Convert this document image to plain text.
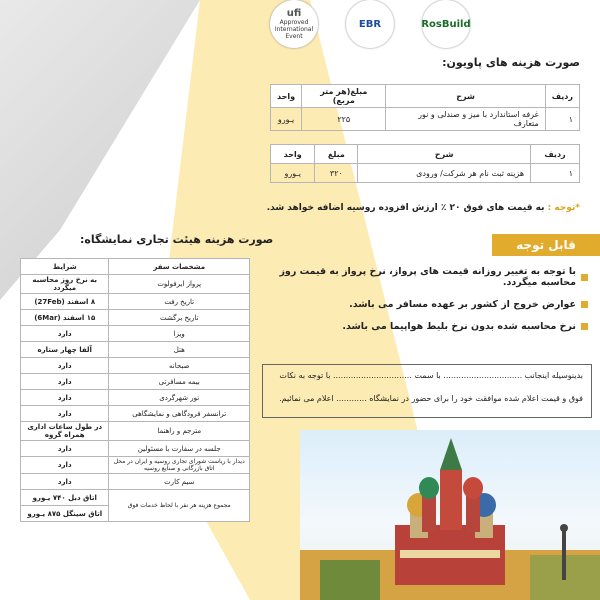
ufi
Approved
International
Event
EBR	RosBuild
صورت هزینه های پاویون:
ردیف	شرح	مبلغ(هر متر مربع)	واحد
۱	غرفه استاندارد با میز و صندلی و نور متعارف	۲۲۵	یـورو
ردیف	شرح	مبلغ	واحد
۱	هزینه ثبت نام هر شرکت/ ورودی	۳۲۰	یـورو
*توجه : به قیمت های فوق ۲۰ ٪ ارزش افزوده روسیه اضافه خواهد شد.
صورت هزینه هیئت تجاری نمایشگاه:
مشخصات سفر	شرایط
پرواز ایرفولوت	به نرخ روز محاسبه میگردد
تاریخ رفت	۸ اسفند (27Feb)
تاریخ برگشت	۱۵ اسفند (6Mar)
ویزا	دارد
هتل	آلفا چهار ستاره
صبحانه	دارد
بیمه مسافرتی	دارد
تور شهرگردی	دارد
ترانسفر فرودگاهی و نمایشگاهی	دارد
مترجم و راهنما	در طول ساعات اداری همراه گروه
جلسه در سفارت با مسئولین	دارد
دیدار با ریاست شورای تجاری روسیه و ایران در محل اتاق بازرگانی و صنایع روسیه	دارد
سیم کارت	دارد
مجموع هزینه هر نفر با لحاظ خدمات فوق	اتاق دبل ۷۴۰ یـورو
	اتاق سینگل ۸۷۵ یـورو
قابل توجه
با توجه به تغییر روزانه قیمت های پرواز، نرخ پرواز به قیمت روز محاسبه میگردد.
عوارض خروج از کشور بر عهده مسافر می باشد.
نرخ محاسبه شده بدون نرخ بلیط هواپیما می باشد.
بدینوسیله اینجانب ............................... با سمت ............................... با توجه به نکات
فوق و قیمت اعلام شده موافقت خود را برای حضور در نمایشگاه ............ اعلام می نمائیم.
